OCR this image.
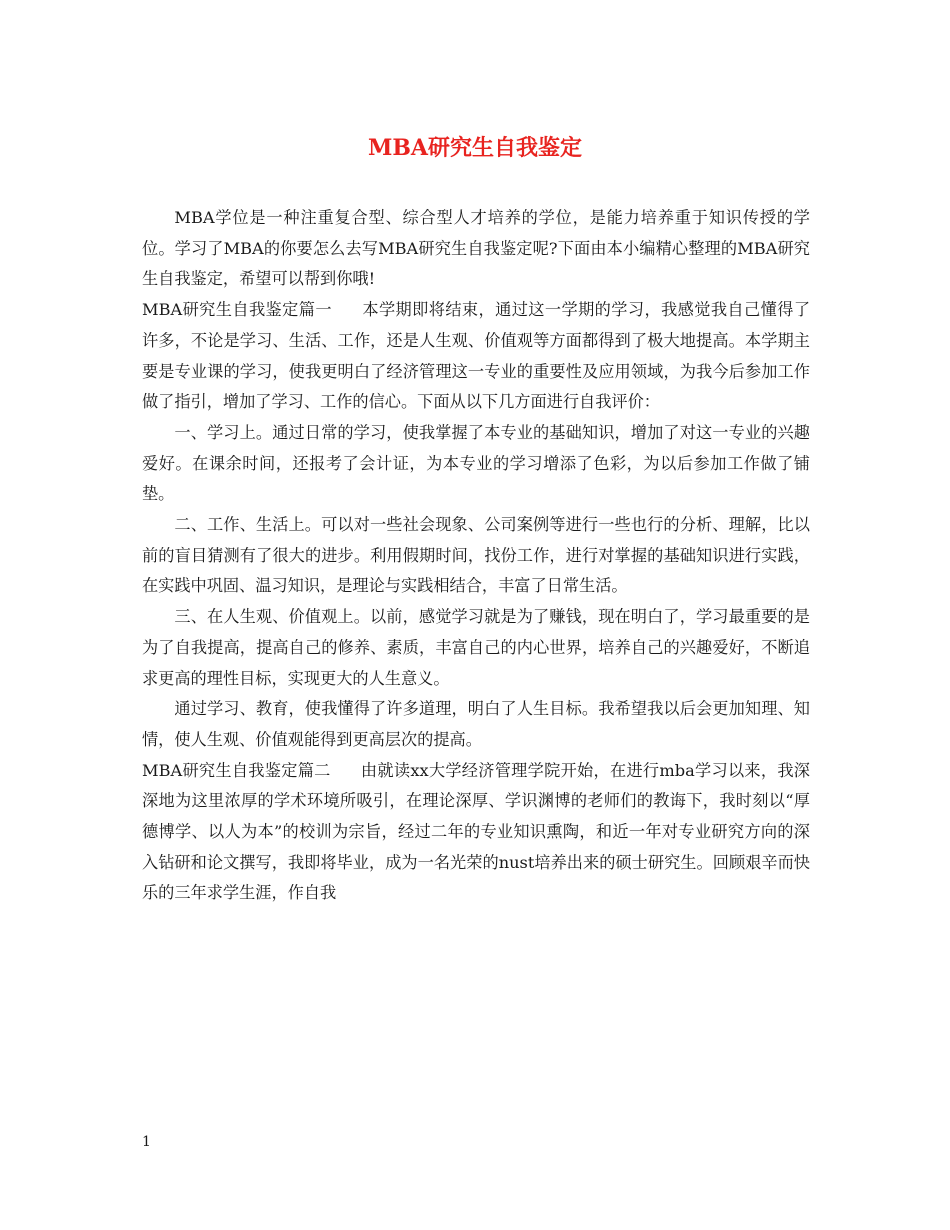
MBA研究生自我鉴定

MBA学位是一种注重复合型、综合型人才培养的学位，是能力培养重于知识传授的学位。学习了MBA的你要怎么去写MBA研究生自我鉴定呢?下面由本小编精心整理的MBA研究生自我鉴定，希望可以帮到你哦!

MBA研究生自我鉴定篇一 本学期即将结束，通过这一学期的学习，我感觉我自己懂得了许多，不论是学习、生活、工作，还是人生观、价值观等方面都得到了极大地提高。本学期主要是专业课的学习，使我更明白了经济管理这一专业的重要性及应用领域，为我今后参加工作做了指引，增加了学习、工作的信心。下面从以下几方面进行自我评价：

一、学习上。通过日常的学习，使我掌握了本专业的基础知识，增加了对这一专业的兴趣爱好。在课余时间，还报考了会计证，为本专业的学习增添了色彩，为以后参加工作做了铺垫。

二、工作、生活上。可以对一些社会现象、公司案例等进行一些也行的分析、理解，比以前的盲目猜测有了很大的进步。利用假期时间，找份工作，进行对掌握的基础知识进行实践，在实践中巩固、温习知识，是理论与实践相结合，丰富了日常生活。

三、在人生观、价值观上。以前，感觉学习就是为了赚钱，现在明白了，学习最重要的是为了自我提高，提高自己的修养、素质，丰富自己的内心世界，培养自己的兴趣爱好，不断追求更高的理性目标，实现更大的人生意义。

通过学习、教育，使我懂得了许多道理，明白了人生目标。我希望我以后会更加知理、知情，使人生观、价值观能得到更高层次的提高。

MBA研究生自我鉴定篇二 由就读xx大学经济管理学院开始，在进行mba学习以来，我深深地为这里浓厚的学术环境所吸引，在理论深厚、学识渊博的老师们的教诲下，我时刻以“厚德博学、以人为本”的校训为宗旨，经过二年的专业知识熏陶，和近一年对专业研究方向的深入钻研和论文撰写，我即将毕业，成为一名光荣的nust培养出来的硕士研究生。回顾艰辛而快乐的三年求学生涯，作自我

1
